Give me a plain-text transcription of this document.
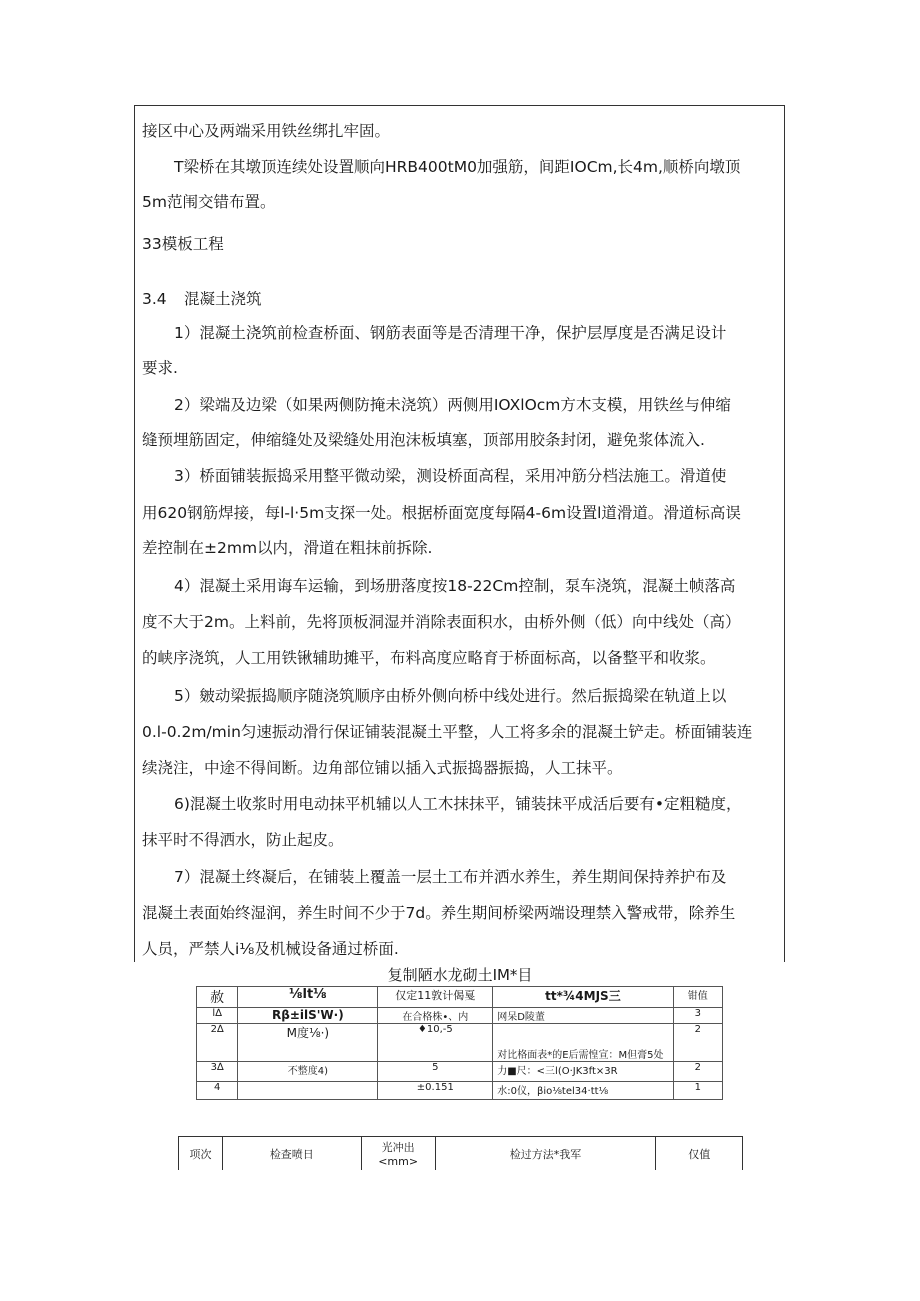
接区中心及两端采用铁丝绑扎牢固。
T梁桥在其墩顶连续处设置顺向HRB400tM0加强筋，间距IOCm,长4m,顺桥向墩顶
5m范闱交错布置。
33模板工程
3.4 混凝土浇筑
1）混凝土浇筑前检查桥面、钢筋表面等是否清理干净，保护层厚度是否满足设计
要求.
2）梁端及边梁（如果两侧防掩未浇筑）两侧用IOXlOcm方木支模，用铁丝与伸缩
缝预埋筋固定，伸缩缝处及梁缝处用泡沫板填塞，顶部用胶条封闭，避免浆体流入.
3）桥面铺装振捣采用整平微动梁，测设桥面高程，采用冲筋分档法施工。滑道使
用620钢筋焊接，每l-l·5m支探一处。根据桥面宽度每隔4-6m设置l道滑道。滑道标高误
差控制在±2mm以内，滑道在粗抹前拆除.
4）混凝土采用诲车运输，到场册落度按18-22Cm控制，泵车浇筑，混凝土帧落高
度不大于2m。上料前，先将顶板洞湿并消除表面积水，由桥外侧（低）向中线处（高）
的峡序浇筑，人工用铁锹辅助摊平，布料高度应略育于桥面标高，以备整平和收浆。
5）皴动梁振捣顺序随浇筑顺序由桥外侧向桥中线处进行。然后振捣梁在轨道上以
0.l-0.2m/min匀速振动滑行保证铺装混凝土平整，人工将多余的混凝土铲走。桥面铺装连
续浇注，中途不得间断。边角部位铺以插入式振捣器振捣，人工抹平。
6)混凝土收浆时用电动抹平机辅以人工木抹抹平，铺装抹平成活后要有•定粗糙度，
抹平时不得洒水，防止起皮。
7）混凝土终凝后，在铺装上覆盖一层土工布并洒水养生，养生期间保持养护布及
混凝土表面始终湿润，养生时间不少于7d。养生期间桥梁两端设理禁入警戒带，除养生
人员，严禁人i⅛及机械设备通过桥面.
复制陋水龙砌土IM*目
赦	⅛lt⅛	仅定11敦计偈戛	tt*¾4MJS三	钳值
l∆	Rβ±ilS'W·)	在合格株•、内	网呆D陵董	3
2∆	M度⅛·)	♦10,-5	对比格面表*的E后需惶宣：M但膏5处	2
3∆	不整度4)	5	力■尺：<三l(O·JK3ft×3R	2
4		±0.151	水:0仪，βio⅛tel34·tt⅛	1
项次	检查喷日	光冲出<mm>	检过方法*我军	仅值
